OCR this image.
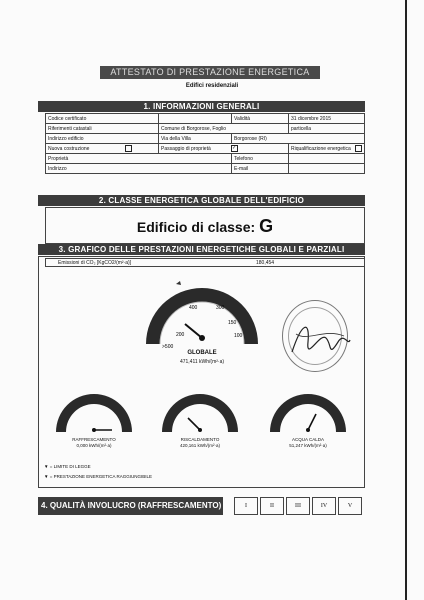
ATTESTATO DI PRESTAZIONE ENERGETICA
Edifici residenziali
1. INFORMAZIONI GENERALI
Codice certificato		Validità	31 dicembre 2015
Riferimenti catastali	Comune di Borgorose, Foglio		particella
Indirizzo edificio	Via della Villa	Borgorose (RI)	
Nuova costruzione	Passaggio di proprietà ✓		Riqualificazione energetica
Proprietà		Telefono	
Indirizzo		E-mail	
2. CLASSE ENERGETICA GLOBALE DELL'EDIFICIO
Edificio di classe: G
3. GRAFICO DELLE PRESTAZIONI ENERGETICHE GLOBALI E PARZIALI
Emissioni di CO₂ [KgCO2/(m²·a)]	180,454
200
400	300
150
100
>500
GLOBALE
471,411 kWh/(m²·a)
RAFFRESCAMENTO
0,000 kWh/(m²·a)
RISCALDAMENTO
420,161 kWh/(m²·a)
ACQUA CALDA
51,247 kWh/(m²·a)
▼ = LIMITE DI LEGGE
▼ = PRESTAZIONE ENERGETICA RAGGIUNGIBILE
4. QUALITÀ INVOLUCRO (RAFFRESCAMENTO)	I	II	III	IV	V
